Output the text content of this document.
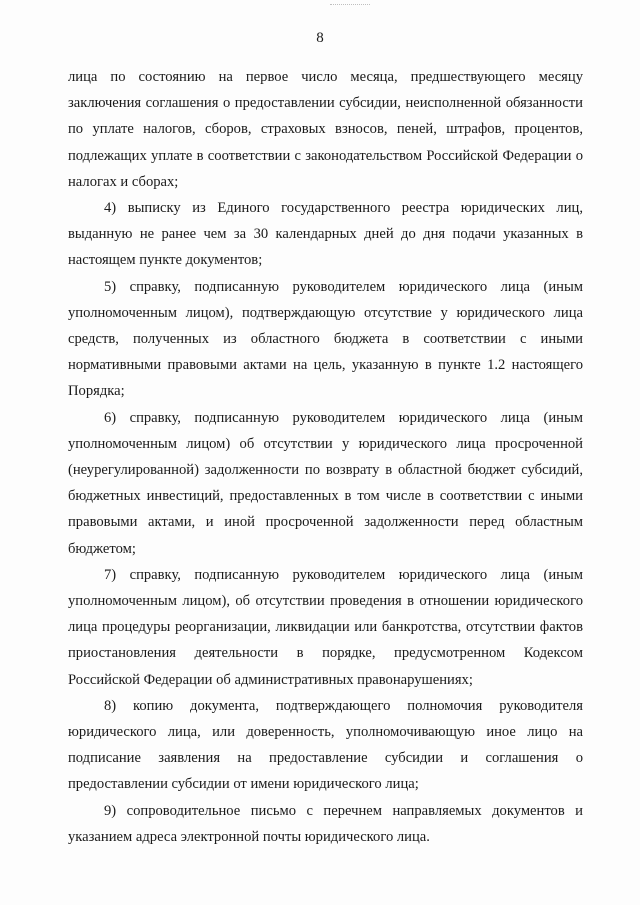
8

лица по состоянию на первое число месяца, предшествующего месяцу заключения соглашения о предоставлении субсидии, неисполненной обязанности по уплате налогов, сборов, страховых взносов, пеней, штрафов, процентов, подлежащих уплате в соответствии с законодательством Российской Федерации о налогах и сборах;

4) выписку из Единого государственного реестра юридических лиц, выданную не ранее чем за 30 календарных дней до дня подачи указанных в настоящем пункте документов;

5) справку, подписанную руководителем юридического лица (иным уполномоченным лицом), подтверждающую отсутствие у юридического лица средств, полученных из областного бюджета в соответствии с иными нормативными правовыми актами на цель, указанную в пункте 1.2 настоящего Порядка;

6) справку, подписанную руководителем юридического лица (иным уполномоченным лицом) об отсутствии у юридического лица просроченной (неурегулированной) задолженности по возврату в областной бюджет субсидий, бюджетных инвестиций, предоставленных в том числе в соответствии с иными правовыми актами, и иной просроченной задолженности перед областным бюджетом;

7) справку, подписанную руководителем юридического лица (иным уполномоченным лицом), об отсутствии проведения в отношении юридического лица процедуры реорганизации, ликвидации или банкротства, отсутствии фактов приостановления деятельности в порядке, предусмотренном Кодексом Российской Федерации об административных правонарушениях;

8) копию документа, подтверждающего полномочия руководителя юридического лица, или доверенность, уполномочивающую иное лицо на подписание заявления на предоставление субсидии и соглашения о предоставлении субсидии от имени юридического лица;

9) сопроводительное письмо с перечнем направляемых документов и указанием адреса электронной почты юридического лица.
